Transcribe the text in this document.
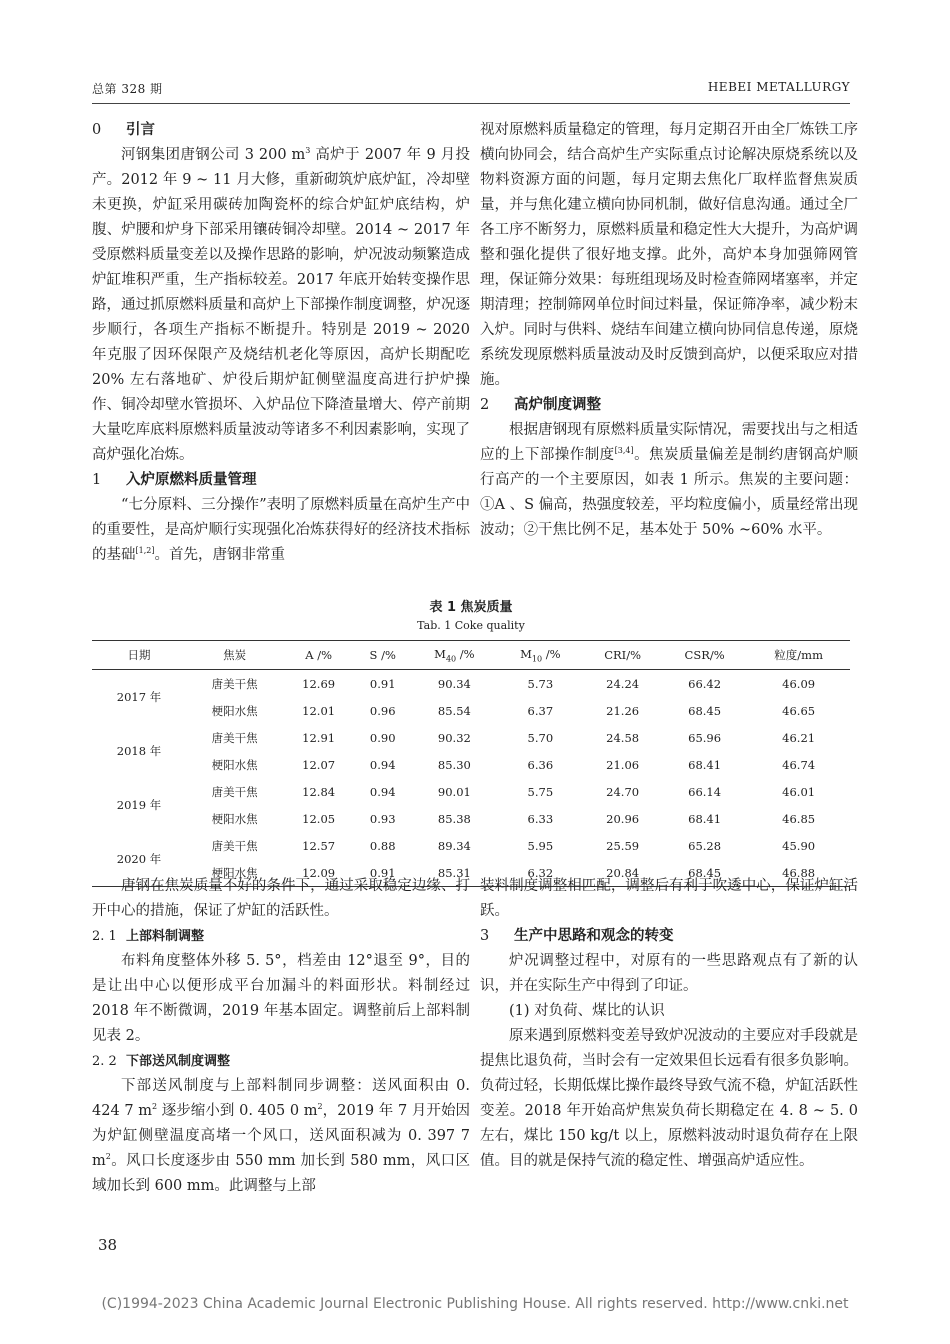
总第 328 期	HEBEI METALLURGY
0 引言

河钢集团唐钢公司 3 200 $m^3$ 高炉于 2007 年 9 月投产。2012 年 9 ~ 11 月大修，重新砌筑炉底炉缸，冷却壁未更换，炉缸采用碳砖加陶瓷杯的综合炉缸炉底结构，炉腹、炉腰和炉身下部采用镶砖铜冷却壁。2014 ~ 2017 年受原燃料质量变差以及操作思路的影响，炉况波动频繁造成炉缸堆积严重，生产指标较差。2017 年底开始转变操作思路，通过抓原燃料质量和高炉上下部操作制度调整，炉况逐步顺行，各项生产指标不断提升。特别是 2019 ~ 2020 年克服了因环保限产及烧结机老化等原因，高炉长期配吃 20% 左右落地矿、炉役后期炉缸侧壁温度高进行护炉操作、铜冷却壁水管损坏、入炉品位下降渣量增大、停产前期大量吃库底料原燃料质量波动等诸多不利因素影响，实现了高炉强化冶炼。

1 入炉原燃料质量管理

“七分原料、三分操作”表明了原燃料质量在高炉生产中的重要性，是高炉顺行实现强化冶炼获得好的经济技术指标的基础[1,2]。首先，唐钢非常重

视对原燃料质量稳定的管理，每月定期召开由全厂炼铁工序横向协同会，结合高炉生产实际重点讨论解决原烧系统以及物料资源方面的问题，每月定期去焦化厂取样监督焦炭质量，并与焦化建立横向协同机制，做好信息沟通。通过全厂各工序不断努力，原燃料质量和稳定性大大提升，为高炉调整和强化提供了很好地支撑。此外，高炉本身加强筛网管理，保证筛分效果：每班组现场及时检查筛网堵塞率，并定期清理；控制筛网单位时间过料量，保证筛净率，减少粉末入炉。同时与供料、烧结车间建立横向协同信息传递，原烧系统发现原燃料质量波动及时反馈到高炉，以便采取应对措施。

2 高炉制度调整

根据唐钢现有原燃料质量实际情况，需要找出与之相适应的上下部操作制度[3,4]。焦炭质量偏差是制约唐钢高炉顺行高产的一个主要原因，如表 1 所示。焦炭的主要问题：①A 、S 偏高，热强度较差，平均粒度偏小，质量经常出现波动；②干焦比例不足，基本处于 50% ~60% 水平。

表 1 焦炭质量
Tab. 1 Coke quality
日期	焦炭	A /%	S /%	$M_{40}$ /%	$M_{10}$ /%	CRI/%	CSR/%	粒度/mm
2017 年	唐美干焦	12.69	0.91	90.34	5.73	24.24	66.42	46.09
	梗阳水焦	12.01	0.96	85.54	6.37	21.26	68.45	46.65
2018 年	唐美干焦	12.91	0.90	90.32	5.70	24.58	65.96	46.21
	梗阳水焦	12.07	0.94	85.30	6.36	21.06	68.41	46.74
2019 年	唐美干焦	12.84	0.94	90.01	5.75	24.70	66.14	46.01
	梗阳水焦	12.05	0.93	85.38	6.33	20.96	68.41	46.85
2020 年	唐美干焦	12.57	0.88	89.34	5.95	25.59	65.28	45.90
	梗阳水焦	12.09	0.91	85.31	6.32	20.84	68.45	46.88

唐钢在焦炭质量不好的条件下，通过采取稳定边缘、打开中心的措施，保证了炉缸的活跃性。

2. 1 上部料制调整

布料角度整体外移 5. 5°，档差由 12°退至 9°，目的是让出中心以便形成平台加漏斗的料面形状。料制经过 2018 年不断微调，2019 年基本固定。调整前后上部料制见表 2。

2. 2 下部送风制度调整

下部送风制度与上部料制同步调整：送风面积由 0. 424 7 $m^2$ 逐步缩小到 0. 405 0 $m^2$，2019 年 7 月开始因为炉缸侧壁温度高堵一个风口，送风面积减为 0. 397 7 $m^2$。风口长度逐步由 550 mm 加长到 580 mm，风口区域加长到 600 mm。此调整与上部

装料制度调整相匹配，调整后有利于吹透中心，保证炉缸活跃。

3 生产中思路和观念的转变

炉况调整过程中，对原有的一些思路观点有了新的认识，并在实际生产中得到了印证。

(1) 对负荷、煤比的认识

原来遇到原燃料变差导致炉况波动的主要应对手段就是提焦比退负荷，当时会有一定效果但长远看有很多负影响。负荷过轻，长期低煤比操作最终导致气流不稳，炉缸活跃性变差。2018 年开始高炉焦炭负荷长期稳定在 4. 8 ~ 5. 0 左右，煤比 150 kg/t 以上，原燃料波动时退负荷存在上限值。目的就是保持气流的稳定性、增强高炉适应性。

38
(C)1994-2023 China Academic Journal Electronic Publishing House. All rights reserved. http://www.cnki.net
